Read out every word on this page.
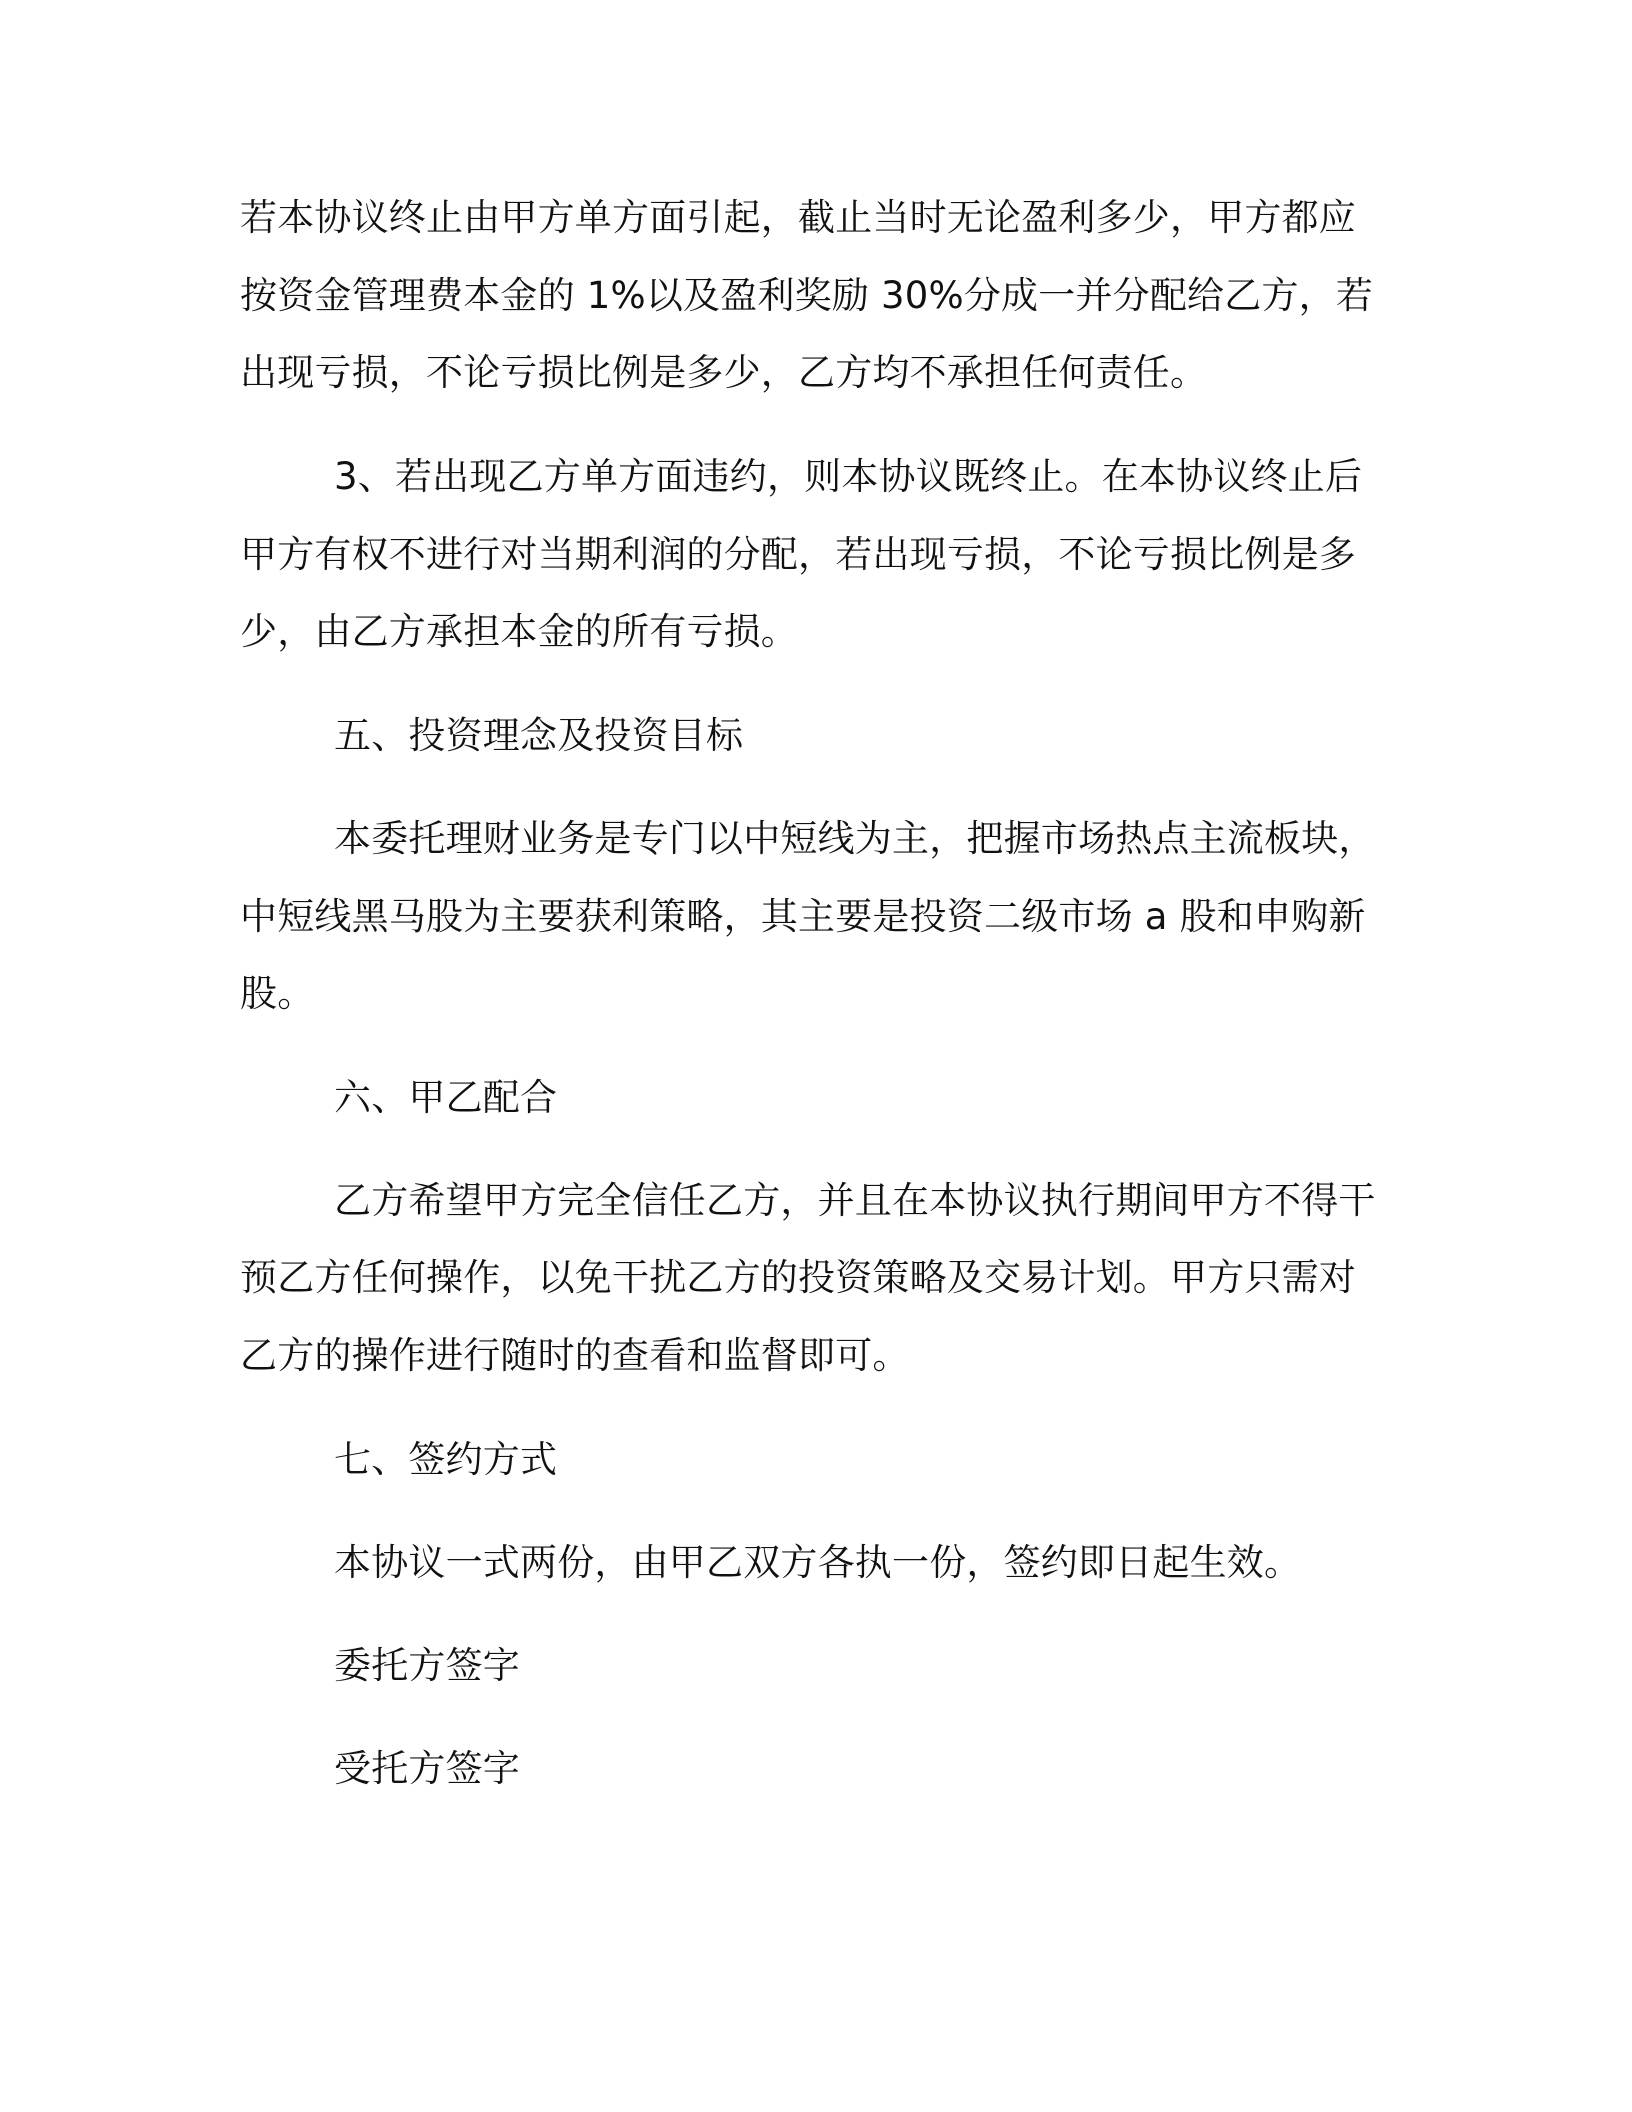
若本协议终止由甲方单方面引起，截止当时无论盈利多少，甲方都应
按资金管理费本金的 1%以及盈利奖励 30%分成一并分配给乙方，若
出现亏损，不论亏损比例是多少，乙方均不承担任何责任。
3、若出现乙方单方面违约，则本协议既终止。在本协议终止后
甲方有权不进行对当期利润的分配，若出现亏损，不论亏损比例是多
少，由乙方承担本金的所有亏损。
五、投资理念及投资目标
本委托理财业务是专门以中短线为主，把握市场热点主流板块，
中短线黑马股为主要获利策略，其主要是投资二级市场 a 股和申购新
股。
六、甲乙配合
乙方希望甲方完全信任乙方，并且在本协议执行期间甲方不得干
预乙方任何操作，以免干扰乙方的投资策略及交易计划。甲方只需对
乙方的操作进行随时的查看和监督即可。
七、签约方式
本协议一式两份，由甲乙双方各执一份，签约即日起生效。
委托方签字
受托方签字
